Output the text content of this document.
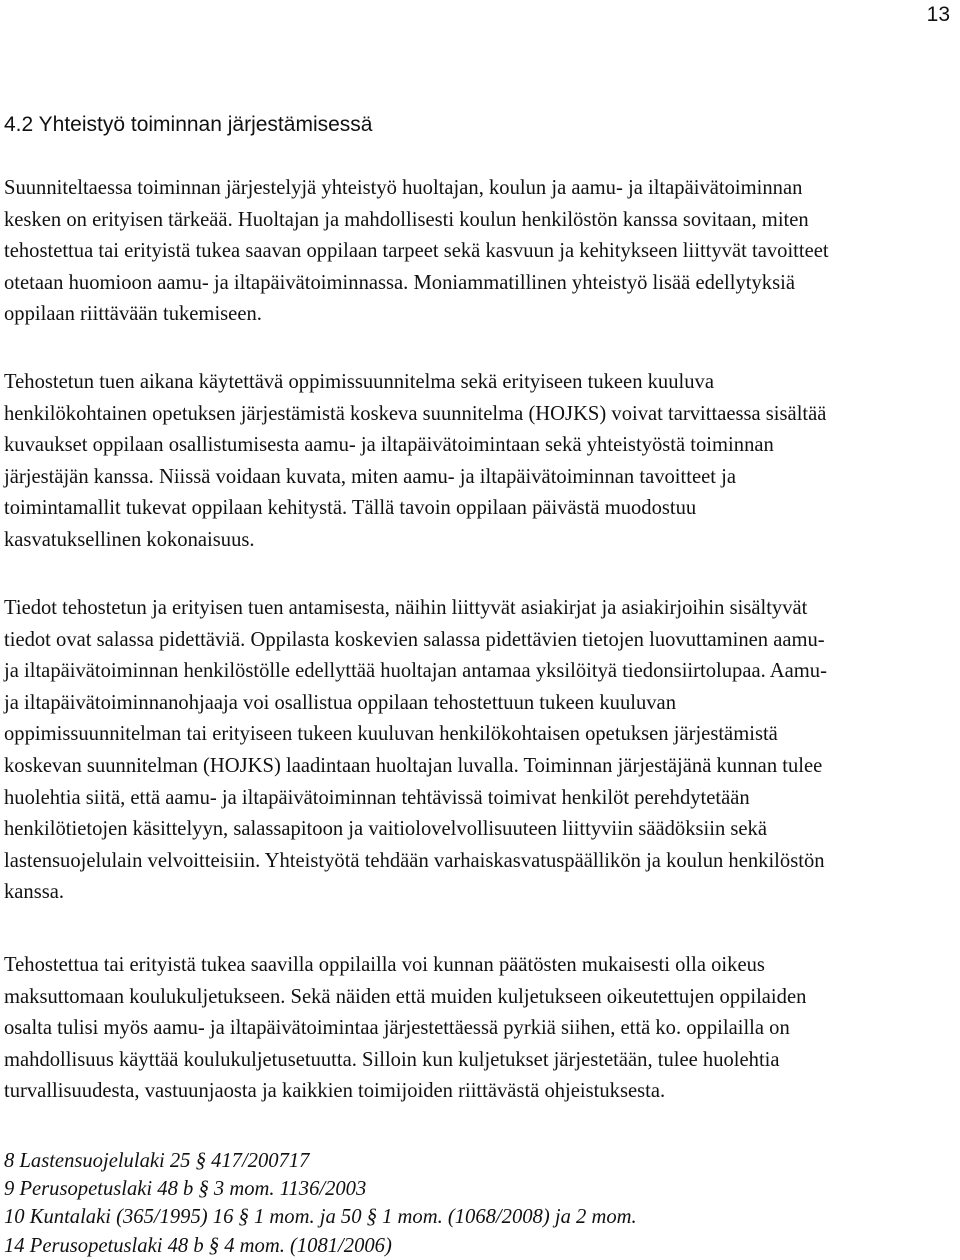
13
4.2 Yhteistyö toiminnan järjestämisessä
Suunniteltaessa toiminnan järjestelyjä yhteistyö huoltajan, koulun ja aamu- ja iltapäivätoiminnan
kesken on erityisen tärkeää. Huoltajan ja mahdollisesti koulun henkilöstön kanssa sovitaan, miten
tehostettua tai erityistä tukea saavan oppilaan tarpeet sekä kasvuun ja kehitykseen liittyvät tavoitteet
otetaan huomioon aamu- ja iltapäivätoiminnassa. Moniammatillinen yhteistyö lisää edellytyksiä
oppilaan riittävään tukemiseen.
Tehostetun tuen aikana käytettävä oppimissuunnitelma sekä erityiseen tukeen kuuluva
henkilökohtainen opetuksen järjestämistä koskeva suunnitelma (HOJKS) voivat tarvittaessa sisältää
kuvaukset oppilaan osallistumisesta aamu- ja iltapäivätoimintaan sekä yhteistyöstä toiminnan
järjestäjän kanssa. Niissä voidaan kuvata, miten aamu- ja iltapäivätoiminnan tavoitteet ja
toimintamallit tukevat oppilaan kehitystä. Tällä tavoin oppilaan päivästä muodostuu
kasvatuksellinen kokonaisuus.
Tiedot tehostetun ja erityisen tuen antamisesta, näihin liittyvät asiakirjat ja asiakirjoihin sisältyvät
tiedot ovat salassa pidettäviä. Oppilasta koskevien salassa pidettävien tietojen luovuttaminen aamu-
ja iltapäivätoiminnan henkilöstölle edellyttää huoltajan antamaa yksilöityä tiedonsiirtolupaa. Aamu-
ja iltapäivätoiminnanohjaaja voi osallistua oppilaan tehostettuun tukeen kuuluvan
oppimissuunnitelman tai erityiseen tukeen kuuluvan henkilökohtaisen opetuksen järjestämistä
koskevan suunnitelman (HOJKS) laadintaan huoltajan luvalla. Toiminnan järjestäjänä kunnan tulee
huolehtia siitä, että aamu- ja iltapäivätoiminnan tehtävissä toimivat henkilöt perehdytetään
henkilötietojen käsittelyyn, salassapitoon ja vaitiolovelvollisuuteen liittyviin säädöksiin sekä
lastensuojelulain velvoitteisiin. Yhteistyötä tehdään varhaiskasvatuspäällikön ja koulun henkilöstön
kanssa.
Tehostettua tai erityistä tukea saavilla oppilailla voi kunnan päätösten mukaisesti olla oikeus
maksuttomaan koulukuljetukseen. Sekä näiden että muiden kuljetukseen oikeutettujen oppilaiden
osalta tulisi myös aamu- ja iltapäivätoimintaa järjestettäessä pyrkiä siihen, että ko. oppilailla on
mahdollisuus käyttää koulukuljetusetuutta. Silloin kun kuljetukset järjestetään, tulee huolehtia
turvallisuudesta, vastuunjaosta ja kaikkien toimijoiden riittävästä ohjeistuksesta.
8 Lastensuojelulaki 25 § 417/200717
9 Perusopetuslaki 48 b § 3 mom. 1136/2003
10 Kuntalaki (365/1995) 16 § 1 mom. ja 50 § 1 mom. (1068/2008) ja 2 mom.
14 Perusopetuslaki 48 b § 4 mom. (1081/2006)
